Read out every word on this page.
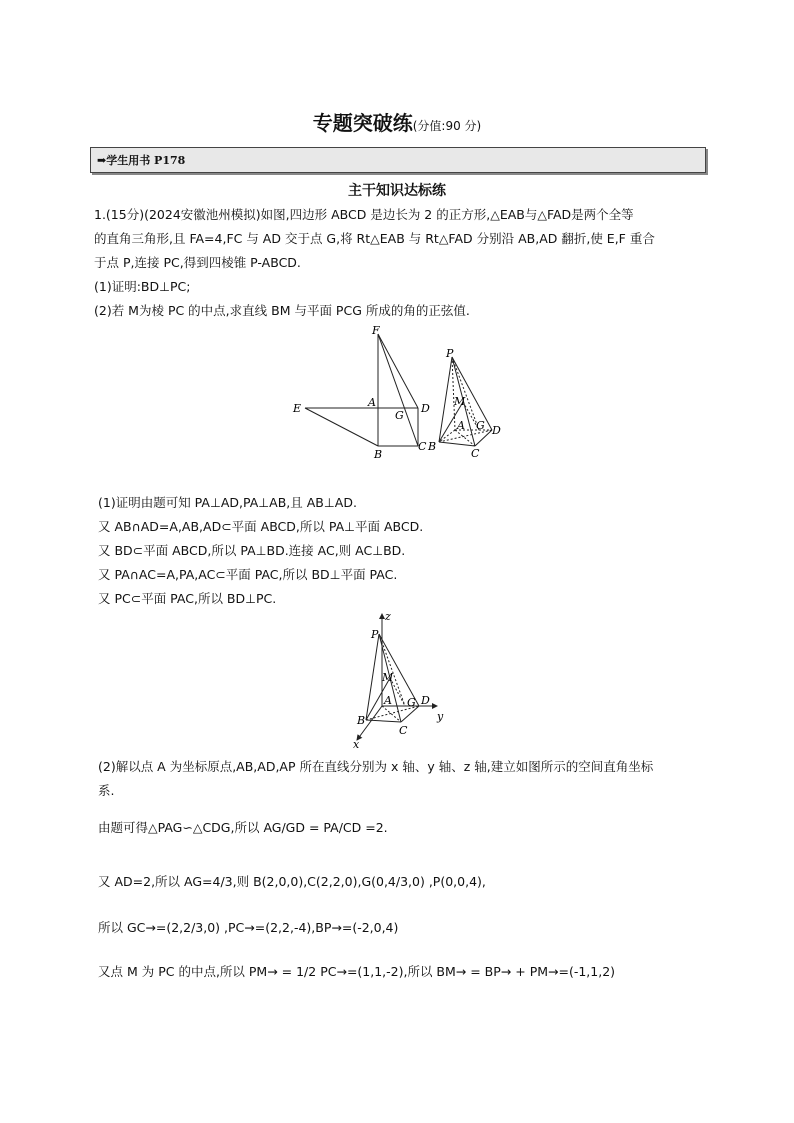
专题突破练(分值:90 分)
➡学生用书 P178
主干知识达标练
1.(15分)(2024安徽池州模拟)如图,四边形 ABCD 是边长为 2 的正方形,△EAB与△FAD是两个全等
的直角三角形,且 FA=4,FC 与 AD 交于点 G,将 Rt△EAB 与 Rt△FAD 分别沿 AB,AD 翻折,使 E,F 重合
于点 P,连接 PC,得到四棱锥 P-ABCD.
(1)证明:BD⊥PC;
(2)若 M为棱 PC 的中点,求直线 BM 与平面 PCG 所成的角的正弦值.
F
E	A
G
D
B
C
P
M
A G D
B
C
(1)证明由题可知 PA⊥AD,PA⊥AB,且 AB⊥AD.
又 AB∩AD=A,AB,AD⊂平面 ABCD,所以 PA⊥平面 ABCD.
又 BD⊂平面 ABCD,所以 PA⊥BD.连接 AC,则 AC⊥BD.
又 PA∩AC=A,PA,AC⊂平面 PAC,所以 BD⊥平面 PAC.
又 PC⊂平面 PAC,所以 BD⊥PC.
z
P
M
A G D
B
C
y
x
(2)解以点 A 为坐标原点,AB,AD,AP 所在直线分别为 x 轴、y 轴、z 轴,建立如图所示的空间直角坐标
系.
由题可得△PAG∽△CDG,所以 AG/GD = PA/CD =2.
又 AD=2,所以 AG=4/3,则 B(2,0,0),C(2,2,0),G(0,4/3,0) ,P(0,0,4),
所以 GC→=(2,2/3,0) ,PC→=(2,2,-4),BP→=(-2,0,4)
又点 M 为 PC 的中点,所以 PM→ = 1/2 PC→=(1,1,-2),所以 BM→ = BP→ + PM→=(-1,1,2)
